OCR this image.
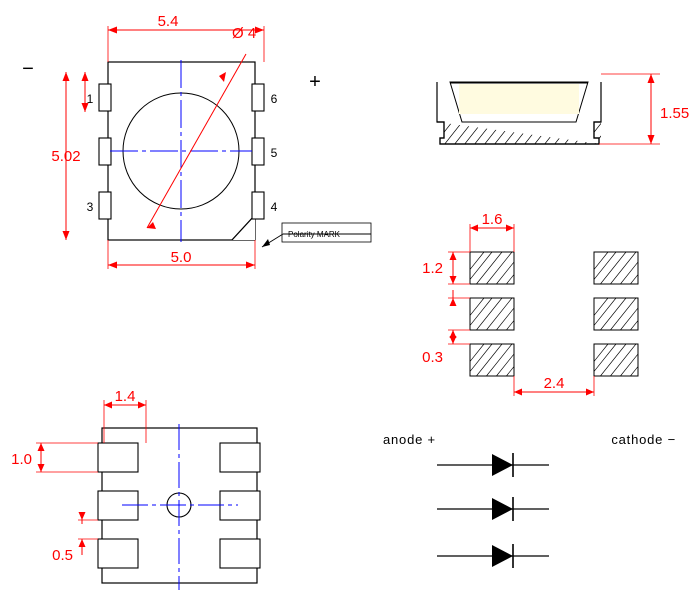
5.4
5.0
5.02
Ø 4
1	6
5
3	4
−
+
Polarity MARK
1.55
1.6
1.2
0.3
2.4
1.4
1.0
0.5
anode +	cathode −
